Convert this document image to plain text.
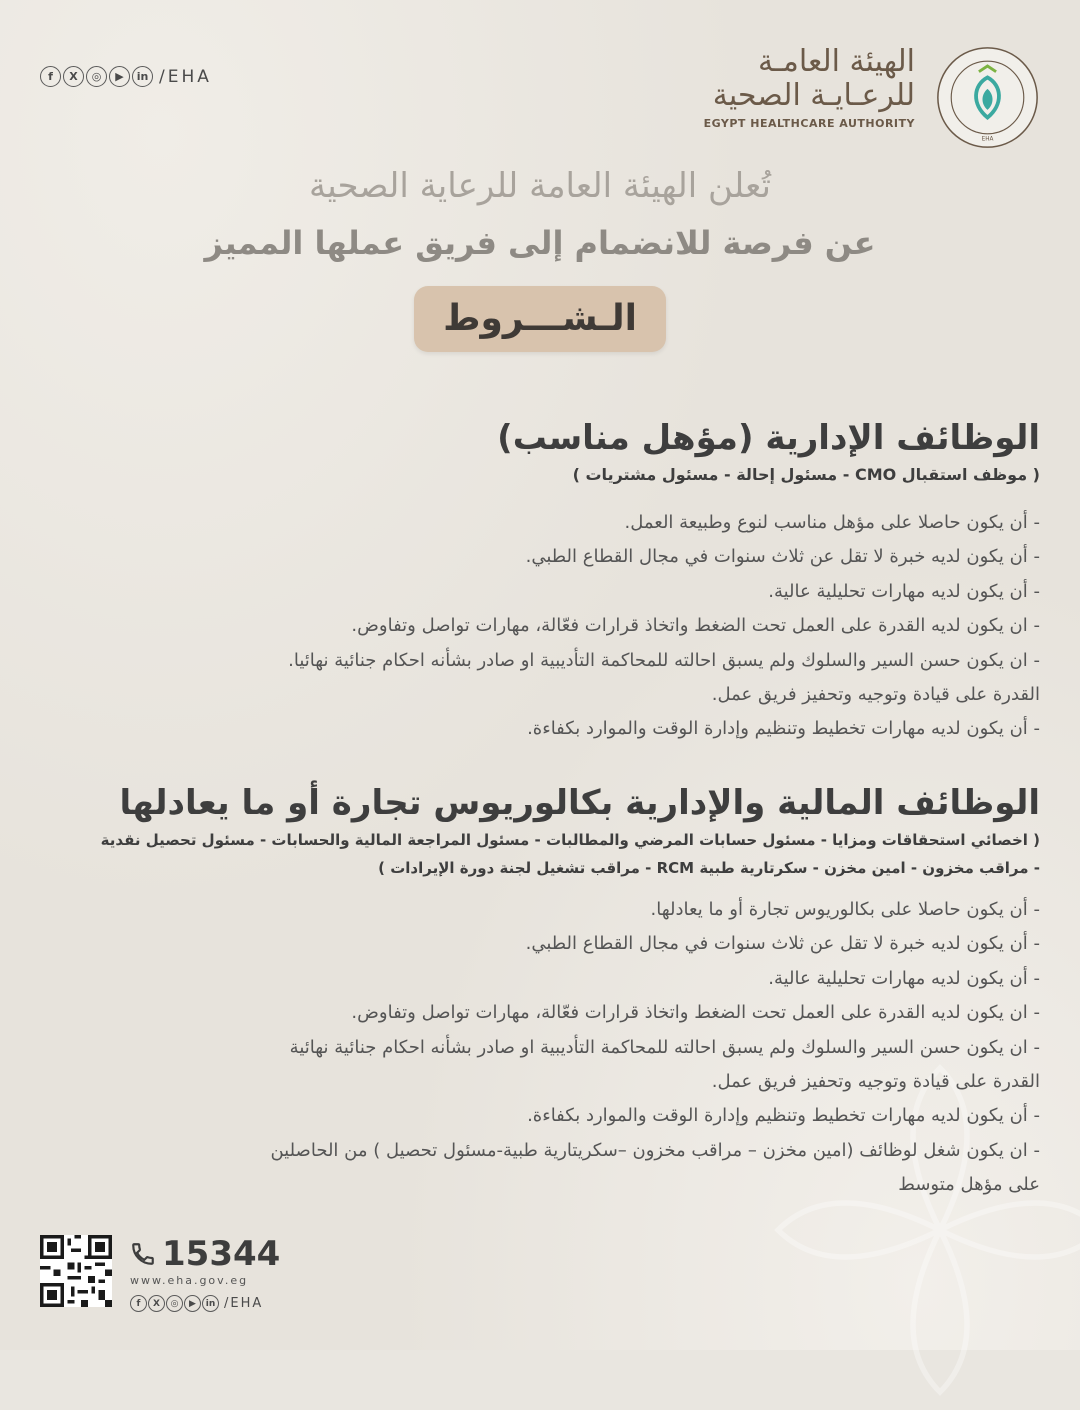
EHA
الهيئة العامـة
للرعـايـة الصحية
EGYPT HEALTHCARE AUTHORITY
f	X	◎	▶	in /EHA
تُعلن الهيئة العامة للرعاية الصحية
عن فرصة للانضمام إلى فريق عملها المميز
الـشـــروط
الوظائف الإدارية (مؤهل مناسب)
( موظف استقبال CMO - مسئول إحالة - مسئول مشتريات )
- أن يكون حاصلا على مؤهل مناسب لنوع وطبيعة العمل.
- أن يكون لديه خبرة لا تقل عن ثلاث سنوات في مجال القطاع الطبي.
- أن يكون لديه مهارات تحليلية عالية.
- ان يكون لديه القدرة على العمل تحت الضغط واتخاذ قرارات فعّالة، مهارات تواصل وتفاوض.
- ان يكون حسن السير والسلوك ولم يسبق احالته للمحاكمة التأديبية او صادر بشأنه احكام جنائية نهائيا.
القدرة على قيادة وتوجيه وتحفيز فريق عمل.
- أن يكون لديه مهارات تخطيط وتنظيم وإدارة الوقت والموارد بكفاءة.
الوظائف المالية والإدارية بكالوريوس تجارة أو ما يعادلها
( اخصائي استحقاقات ومزايا - مسئول حسابات المرضي والمطالبات - مسئول المراجعة المالية والحسابات - مسئول تحصيل نقدية
- مراقب مخزون - امين مخزن - سكرتارية طبية RCM - مراقب تشغيل لجنة دورة الإيرادات )
- أن يكون حاصلا على بكالوريوس تجارة أو ما يعادلها.
- أن يكون لديه خبرة لا تقل عن ثلاث سنوات في مجال القطاع الطبي.
- أن يكون لديه مهارات تحليلية عالية.
- ان يكون لديه القدرة على العمل تحت الضغط واتخاذ قرارات فعّالة، مهارات تواصل وتفاوض.
- ان يكون حسن السير والسلوك ولم يسبق احالته للمحاكمة التأديبية او صادر بشأنه احكام جنائية نهائية
القدرة على قيادة وتوجيه وتحفيز فريق عمل.
- أن يكون لديه مهارات تخطيط وتنظيم وإدارة الوقت والموارد بكفاءة.
- ان يكون شغل لوظائف (امين مخزن – مراقب مخزون –سكريتارية طبية-مسئول تحصيل ) من الحاصلين
على مؤهل متوسط
15344
www.eha.gov.eg
f	X	◎	▶	in /EHA
